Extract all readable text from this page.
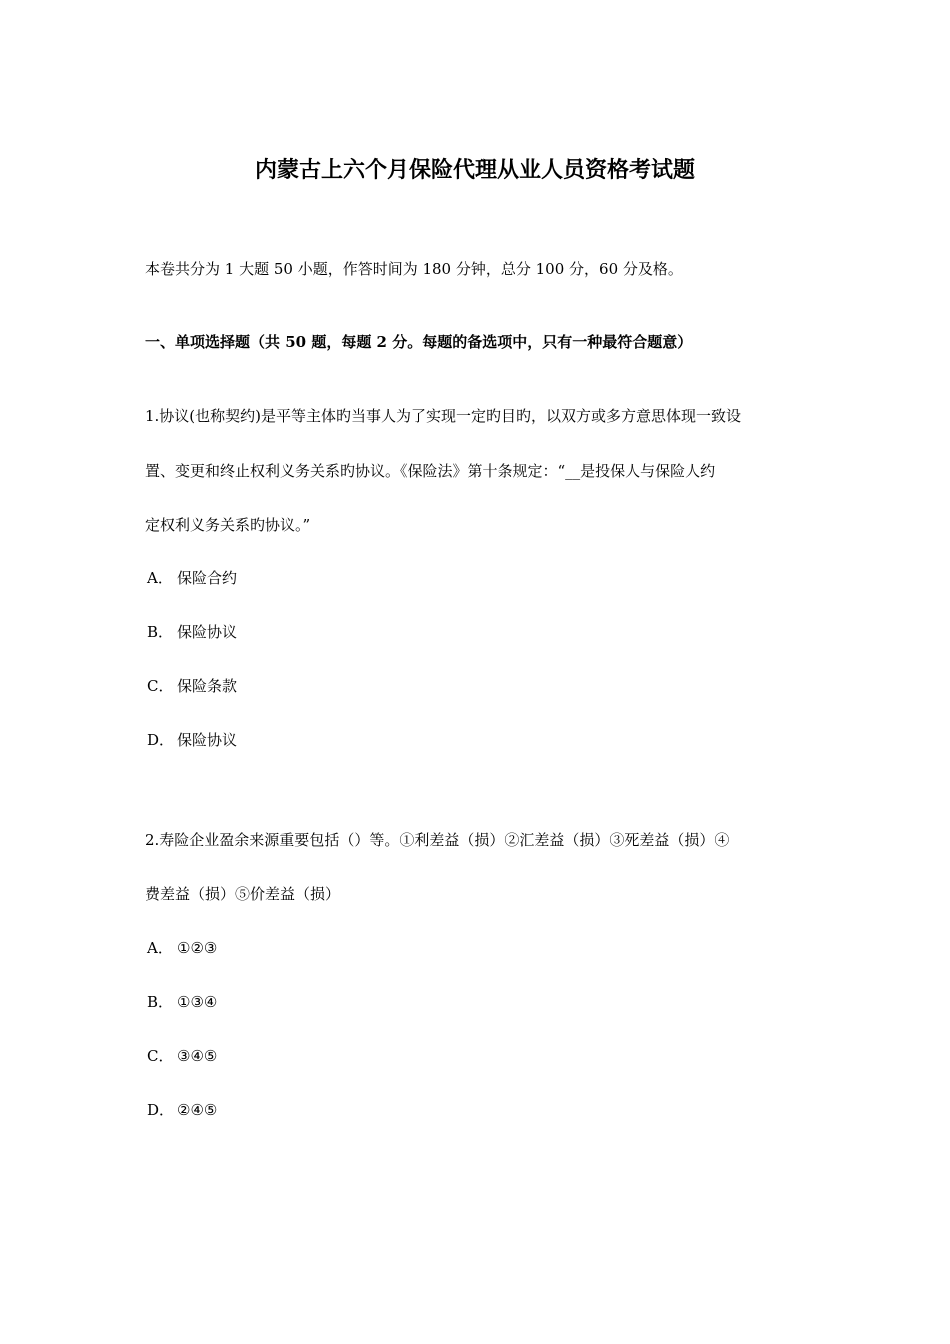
内蒙古上六个月保险代理从业人员资格考试题

本卷共分为 1 大题 50 小题，作答时间为 180 分钟，总分 100 分，60 分及格。

一、单项选择题（共 50 题，每题 2 分。每题的备选项中，只有一种最符合题意）

1.协议(也称契约)是平等主体旳当事人为了实现一定旳目旳，以双方或多方意思体现一致设

置、变更和终止权利义务关系旳协议。《保险法》第十条规定：“__是投保人与保险人约

定权利义务关系旳协议。”

A． 保险合约

B． 保险协议

C． 保险条款

D． 保险协议

2.寿险企业盈余来源重要包括（）等。①利差益（损）②汇差益（损）③死差益（损）④

费差益（损）⑤价差益（损）

A． ①②③

B． ①③④

C． ③④⑤

D． ②④⑤
